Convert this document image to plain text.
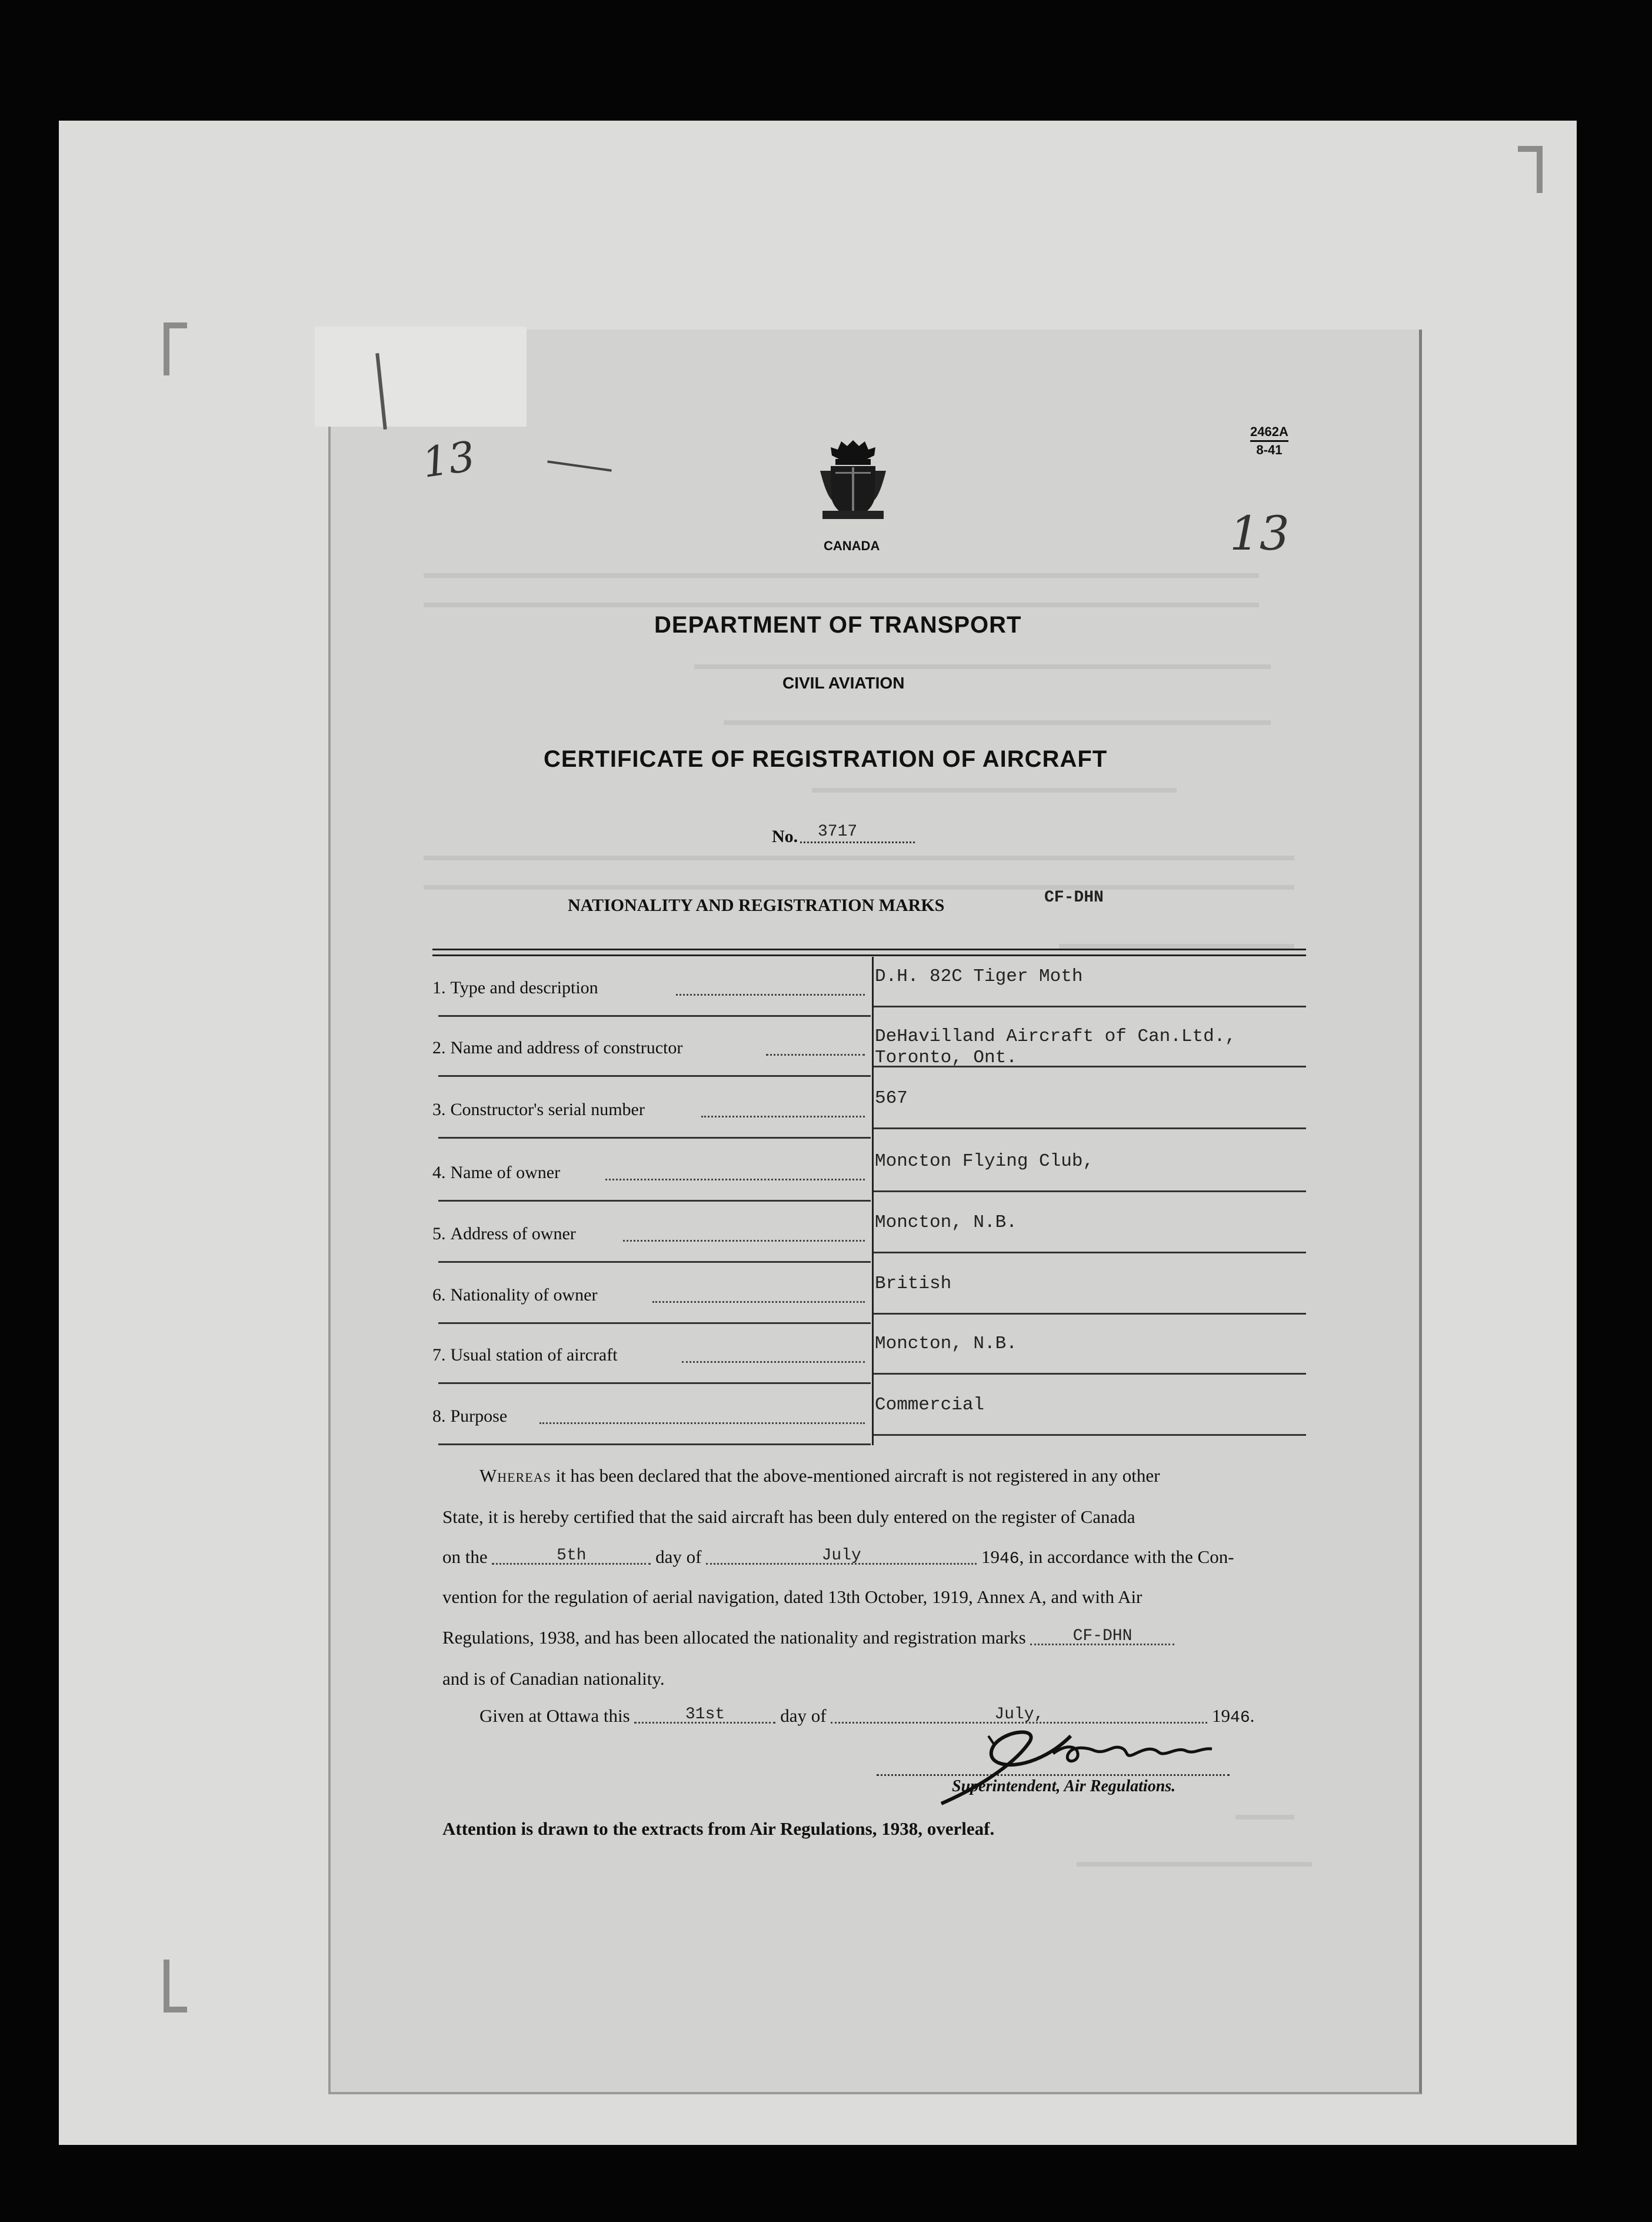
13
13
CANADA
2462A
8-41
DEPARTMENT OF TRANSPORT
CIVIL AVIATION
CERTIFICATE OF REGISTRATION OF AIRCRAFT
No. 3717
NATIONALITY AND REGISTRATION MARKS	CF-DHN
1. Type and description
D.H. 82C Tiger Moth
2. Name and address of constructor
DeHavilland Aircraft of Can.Ltd.,
Toronto, Ont.
3. Constructor's serial number
567
4. Name of owner
Moncton Flying Club,
5. Address of owner
Moncton, N.B.
6. Nationality of owner
British
7. Usual station of aircraft
Moncton, N.B.
8. Purpose
Commercial
Whereas it has been declared that the above-mentioned aircraft is not registered in any other
State, it is hereby certified that the said aircraft has been duly entered on the register of Canada
on the	5th	day of	July	1946, in accordance with the Con-
vention for the regulation of aerial navigation, dated 13th October, 1919, Annex A, and with Air
Regulations, 1938, and has been allocated the nationality and registration marks	CF-DHN
and is of Canadian nationality.
Given at Ottawa this	31st	day of	July,	1946.
Superintendent, Air Regulations.
Attention is drawn to the extracts from Air Regulations, 1938, overleaf.
